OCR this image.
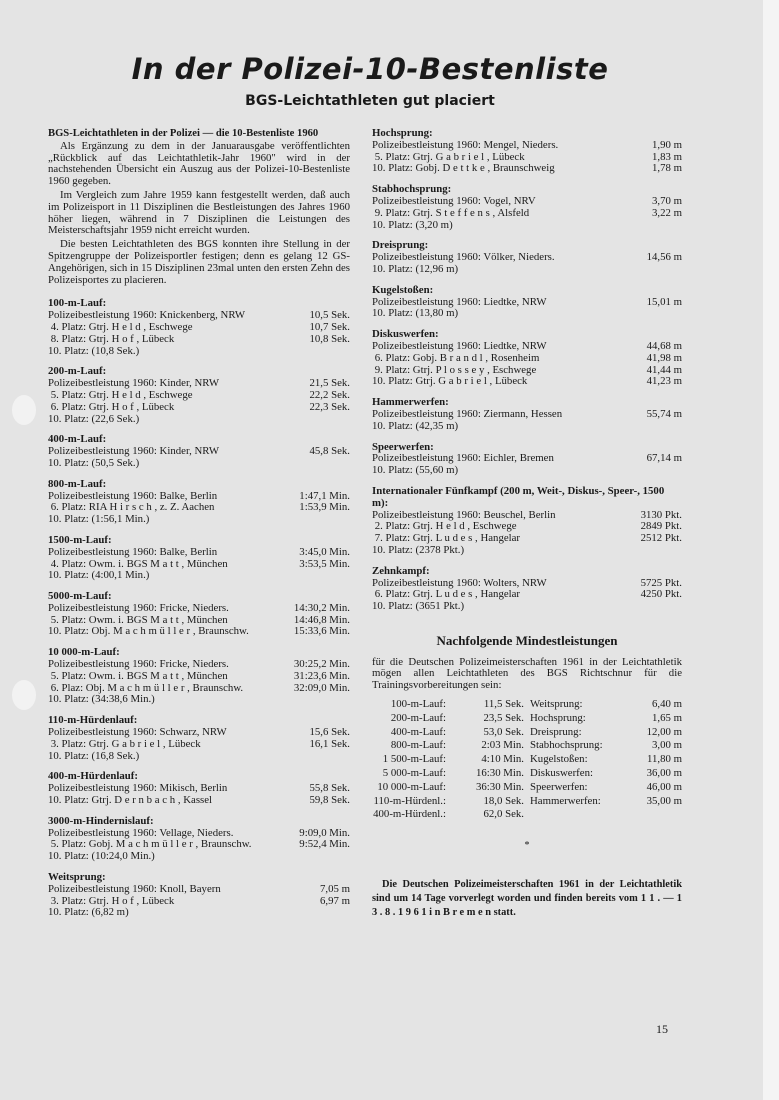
In der Polizei-10-Bestenliste
BGS-Leichtathleten gut placiert
BGS-Leichtathleten in der Polizei — die 10-Bestenliste 1960

Als Ergänzung zu dem in der Januarausgabe veröffentlichten „Rückblick auf das Leichtathletik-Jahr 1960" wird in der nachstehenden Übersicht ein Auszug aus der Polizei-10-Bestenliste 1960 gegeben.

Im Vergleich zum Jahre 1959 kann festgestellt werden, daß auch im Polizeisport in 11 Disziplinen die Bestleistungen des Jahres 1960 höher liegen, während in 7 Disziplinen die Leistungen des Meisterschaftsjahr 1959 nicht erreicht wurden.

Die besten Leichtathleten des BGS konnten ihre Stellung in der Spitzengruppe der Polizeisportler festigen; denn es gelang 12 GS-Angehörigen, sich in 15 Disziplinen 23mal unten den ersten Zehn des Polizeisportes zu placieren.

100-m-Lauf:
Polizeibestleistung 1960: Knickenberg, NRW	10,5 Sek.
4. Platz: Gtrj. H e l d , Eschwege	10,7 Sek.
8. Platz: Gtrj. H o f , Lübeck	10,8 Sek.
10. Platz: (10,8 Sek.)
200-m-Lauf:
Polizeibestleistung 1960: Kinder, NRW	21,5 Sek.
5. Platz: Gtrj. H e l d , Eschwege	22,2 Sek.
6. Platz: Gtrj. H o f , Lübeck	22,3 Sek.
10. Platz: (22,6 Sek.)
400-m-Lauf:
Polizeibestleistung 1960: Kinder, NRW	45,8 Sek.
10. Platz: (50,5 Sek.)
800-m-Lauf:
Polizeibestleistung 1960: Balke, Berlin	1:47,1 Min.
6. Platz: RIA H i r s c h , z. Z. Aachen	1:53,9 Min.
10. Platz: (1:56,1 Min.)
1500-m-Lauf:
Polizeibestleistung 1960: Balke, Berlin	3:45,0 Min.
4. Platz: Owm. i. BGS M a t t , München	3:53,5 Min.
10. Platz: (4:00,1 Min.)
5000-m-Lauf:
Polizeibestleistung 1960: Fricke, Nieders.	14:30,2 Min.
5. Platz: Owm. i. BGS M a t t , München	14:46,8 Min.
10. Platz: Obj. M a c h m ü l l e r , Braunschw.	15:33,6 Min.
10 000-m-Lauf:
Polizeibestleistung 1960: Fricke, Nieders.	30:25,2 Min.
5. Platz: Owm. i. BGS M a t t , München	31:23,6 Min.
6. Plaz: Obj. M a c h m ü l l e r , Braunschw.	32:09,0 Min.
10. Platz: (34:38,6 Min.)
110-m-Hürdenlauf:
Polizeibestleistung 1960: Schwarz, NRW	15,6 Sek.
3. Platz: Gtrj. G a b r i e l , Lübeck	16,1 Sek.
10. Platz: (16,8 Sek.)
400-m-Hürdenlauf:
Polizeibestleistung 1960: Mikisch, Berlin	55,8 Sek.
10. Platz: Gtrj. D e r n b a c h , Kassel	59,8 Sek.
3000-m-Hindernislauf:
Polizeibestleistung 1960: Vellage, Nieders.	9:09,0 Min.
5. Platz: Gobj. M a c h m ü l l e r , Braunschw.	9:52,4 Min.
10. Platz: (10:24,0 Min.)
Weitsprung:
Polizeibestleistung 1960: Knoll, Bayern	7,05 m
3. Platz: Gtrj. H o f , Lübeck	6,97 m
10. Platz: (6,82 m)
Hochsprung:
Polizeibestleistung 1960: Mengel, Nieders.	1,90 m
5. Platz: Gtrj. G a b r i e l , Lübeck	1,83 m
10. Platz: Gobj. D e t t k e , Braunschweig	1,78 m
Stabhochsprung:
Polizeibestleistung 1960: Vogel, NRV	3,70 m
9. Platz: Gtrj. S t e f f e n s , Alsfeld	3,22 m
10. Platz: (3,20 m)
Dreisprung:
Polizeibestleistung 1960: Völker, Nieders.	14,56 m
10. Platz: (12,96 m)
Kugelstoßen:
Polizeibestleistung 1960: Liedtke, NRW	15,01 m
10. Platz: (13,80 m)
Diskuswerfen:
Polizeibestleistung 1960: Liedtke, NRW	44,68 m
6. Platz: Gobj. B r a n d l , Rosenheim	41,98 m
9. Platz: Gtrj. P l o s s e y , Eschwege	41,44 m
10. Platz: Gtrj. G a b r i e l , Lübeck	41,23 m
Hammerwerfen:
Polizeibestleistung 1960: Ziermann, Hessen	55,74 m
10. Platz: (42,35 m)
Speerwerfen:
Polizeibestleistung 1960: Eichler, Bremen	67,14 m
10. Platz: (55,60 m)
Internationaler Fünfkampf (200 m, Weit-, Diskus-, Speer-, 1500 m):
Polizeibestleistung 1960: Beuschel, Berlin	3130 Pkt.
2. Platz: Gtrj. H e l d , Eschwege	2849 Pkt.
7. Platz: Gtrj. L u d e s , Hangelar	2512 Pkt.
10. Platz: (2378 Pkt.)
Zehnkampf:
Polizeibestleistung 1960: Wolters, NRW	5725 Pkt.
6. Platz: Gtrj. L u d e s , Hangelar	4250 Pkt.
10. Platz: (3651 Pkt.)
Nachfolgende Mindestleistungen

für die Deutschen Polizeimeisterschaften 1961 in der Leichtathletik mögen allen Leichtathleten des BGS Richtschnur für die Trainingsvorbereitungen sein:

100-m-Lauf:	11,5 Sek. Weitsprung:	6,40 m
200-m-Lauf:	23,5 Sek. Hochsprung:	1,65 m
400-m-Lauf:	53,0 Sek. Dreisprung:	12,00 m
800-m-Lauf:	2:03 Min. Stabhochsprung:	3,00 m
1 500-m-Lauf:	4:10 Min. Kugelstoßen:	11,80 m
5 000-m-Lauf:	16:30 Min. Diskuswerfen:	36,00 m
10 000-m-Lauf:	36:30 Min. Speerwerfen:	46,00 m
110-m-Hürdenl.:	18,0 Sek. Hammerwerfen:	35,00 m
400-m-Hürdenl.:	62,0 Sek.
*
Die Deutschen Polizeimeisterschaften 1961 in der Leichtathletik sind um 14 Tage vorverlegt worden und finden bereits vom 1 1 . — 1 3 . 8 . 1 9 6 1 i n B r e m e n statt.
15
